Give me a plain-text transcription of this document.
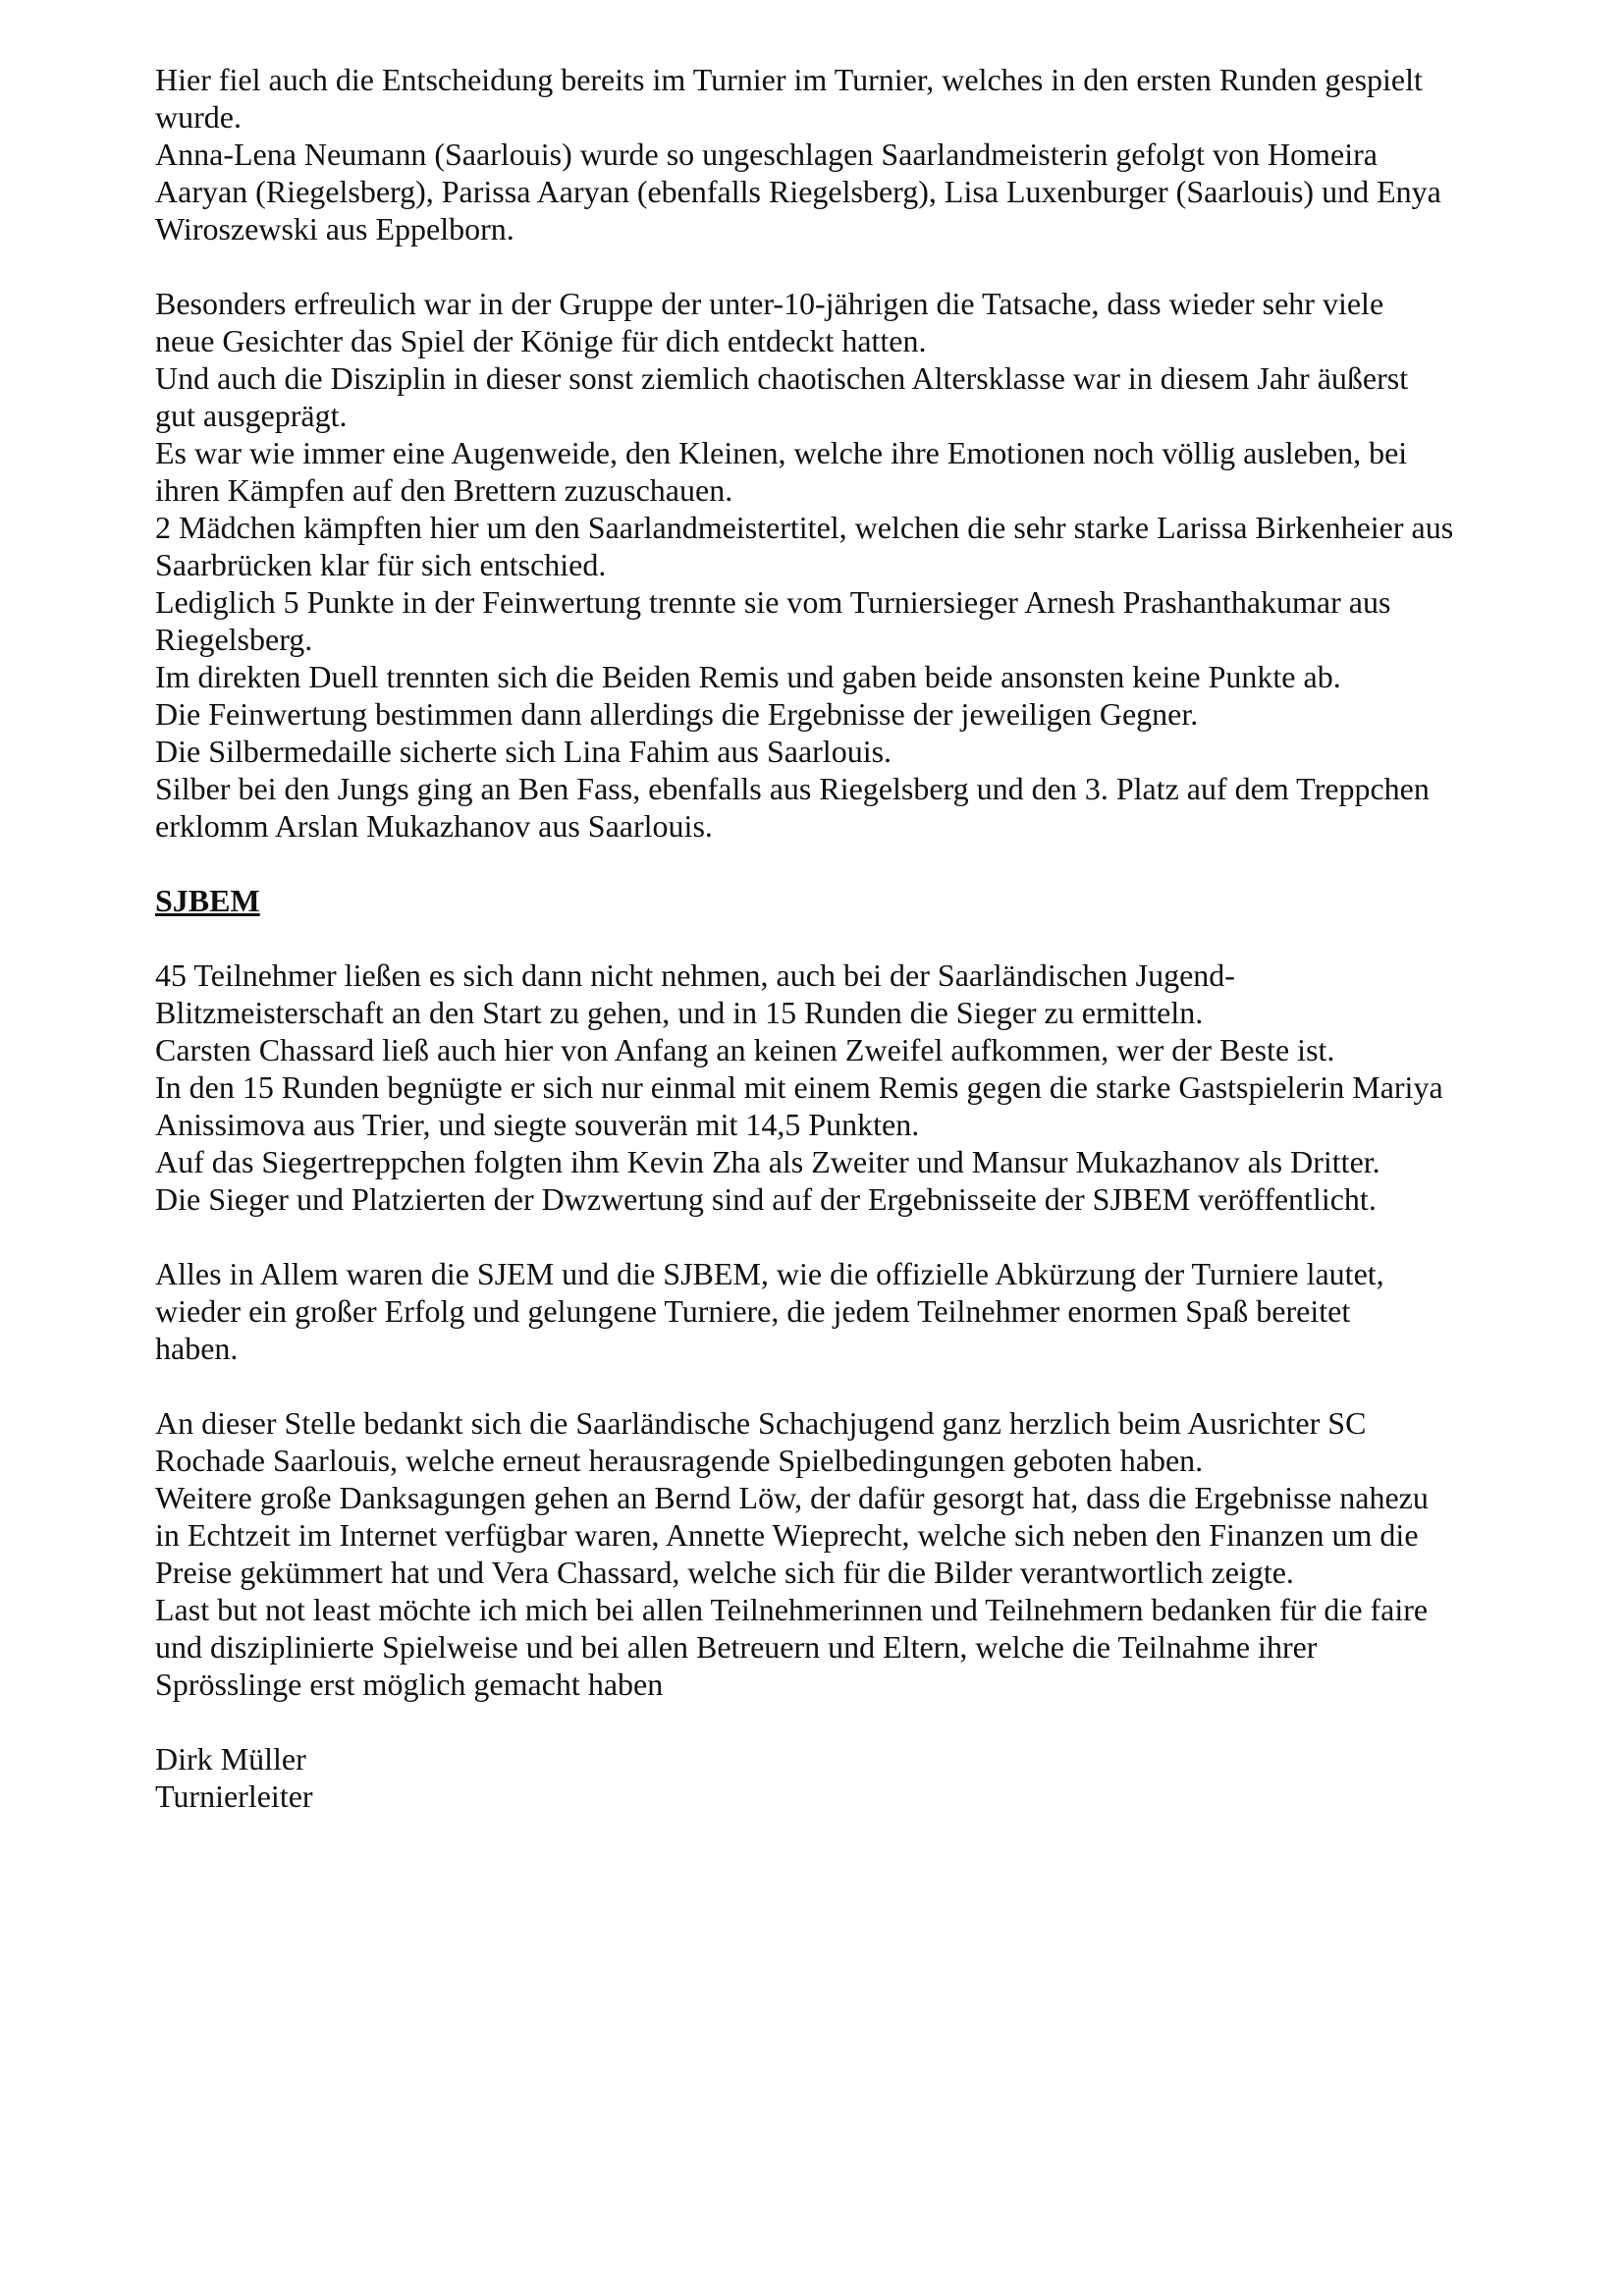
Hier fiel auch die Entscheidung bereits im Turnier im Turnier, welches in den ersten Runden gespielt
wurde.
Anna-Lena Neumann (Saarlouis) wurde so ungeschlagen Saarlandmeisterin gefolgt von Homeira
Aaryan (Riegelsberg), Parissa Aaryan (ebenfalls Riegelsberg), Lisa Luxenburger (Saarlouis) und Enya
Wiroszewski aus Eppelborn.
Besonders erfreulich war in der Gruppe der unter-10-jährigen die Tatsache, dass wieder sehr viele
neue Gesichter das Spiel der Könige für dich entdeckt hatten.
Und auch die Disziplin in dieser sonst ziemlich chaotischen Altersklasse war in diesem Jahr äußerst
gut ausgeprägt.
Es war wie immer eine Augenweide, den Kleinen, welche ihre Emotionen noch völlig ausleben, bei
ihren Kämpfen auf den Brettern zuzuschauen.
2 Mädchen kämpften hier um den Saarlandmeistertitel, welchen die sehr starke Larissa Birkenheier aus
Saarbrücken klar für sich entschied.
Lediglich 5 Punkte in der Feinwertung trennte sie vom Turniersieger Arnesh Prashanthakumar aus
Riegelsberg.
Im direkten Duell trennten sich die Beiden Remis und gaben beide ansonsten keine Punkte ab.
Die Feinwertung bestimmen dann allerdings die Ergebnisse der jeweiligen Gegner.
Die Silbermedaille sicherte sich Lina Fahim aus Saarlouis.
Silber bei den Jungs ging an Ben Fass, ebenfalls aus Riegelsberg und den 3. Platz auf dem Treppchen
erklomm Arslan Mukazhanov aus Saarlouis.
SJBEM
45 Teilnehmer ließen es sich dann nicht nehmen, auch bei der Saarländischen Jugend-
Blitzmeisterschaft an den Start zu gehen, und in 15 Runden die Sieger zu ermitteln.
Carsten Chassard ließ auch hier von Anfang an keinen Zweifel aufkommen, wer der Beste ist.
In den 15 Runden begnügte er sich nur einmal mit einem Remis gegen die starke Gastspielerin Mariya
Anissimova aus Trier, und siegte souverän mit 14,5 Punkten.
Auf das Siegertreppchen folgten ihm Kevin Zha als Zweiter und Mansur Mukazhanov als Dritter.
Die Sieger und Platzierten der Dwzwertung sind auf der Ergebnisseite der SJBEM veröffentlicht.
Alles in Allem waren die SJEM und die SJBEM, wie die offizielle Abkürzung der Turniere lautet,
wieder ein großer Erfolg und gelungene Turniere, die jedem Teilnehmer enormen Spaß bereitet
haben.
An dieser Stelle bedankt sich die Saarländische Schachjugend ganz herzlich beim Ausrichter SC
Rochade Saarlouis, welche erneut herausragende Spielbedingungen geboten haben.
Weitere große Danksagungen gehen an Bernd Löw, der dafür gesorgt hat, dass die Ergebnisse nahezu
in Echtzeit im Internet verfügbar waren, Annette Wieprecht, welche sich neben den Finanzen um die
Preise gekümmert hat und Vera Chassard, welche sich für die Bilder verantwortlich zeigte.
Last but not least möchte ich mich bei allen Teilnehmerinnen und Teilnehmern bedanken für die faire
und disziplinierte Spielweise und bei allen Betreuern und Eltern, welche die Teilnahme ihrer
Sprösslinge erst möglich gemacht haben
Dirk Müller
Turnierleiter
